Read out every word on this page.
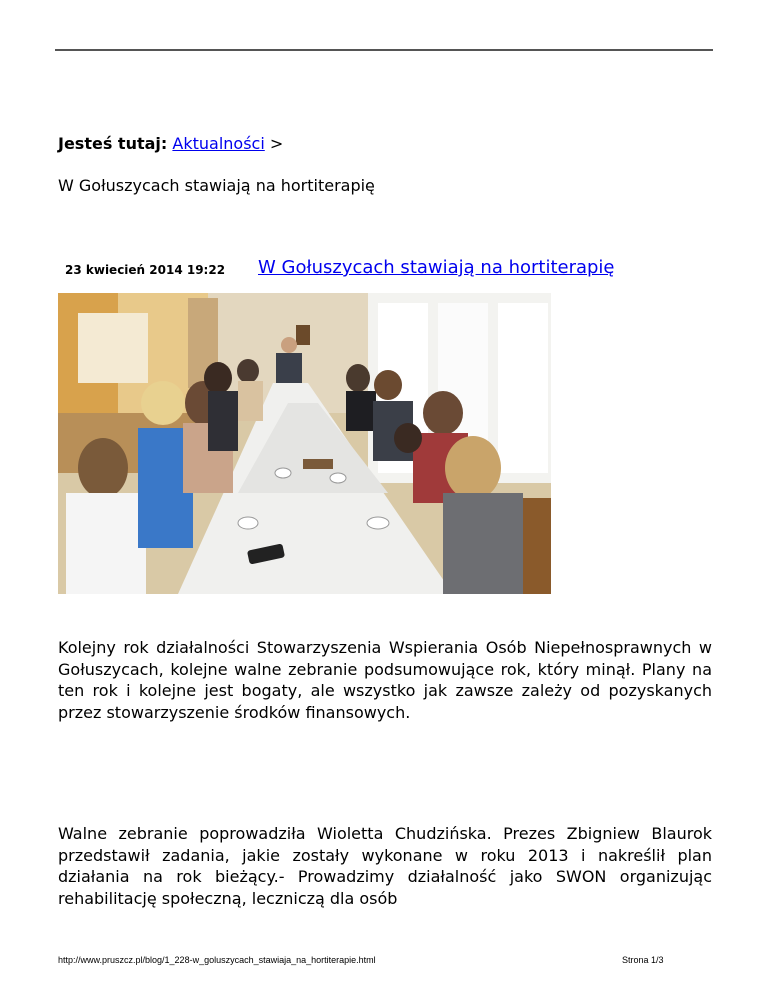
Jesteś tutaj: Aktualności >
W Gołuszycach stawiają na hortiterapię
23 kwiecień 2014 19:22 W Gołuszycach stawiają na hortiterapię
Kolejny rok działalności Stowarzyszenia Wspierania Osób Niepełnosprawnych w Gołuszycach, kolejne walne zebranie podsumowujące rok, który minął. Plany na ten rok i kolejne jest bogaty, ale wszystko jak zawsze zależy od pozyskanych przez stowarzyszenie środków finansowych.
Walne zebranie poprowadziła Wioletta Chudzińska. Prezes Zbigniew Blaurok przedstawił zadania, jakie zostały wykonane w roku 2013 i nakreślił plan działania na rok bieżący.- Prowadzimy działalność jako SWON organizując rehabilitację społeczną, leczniczą dla osób
http://www.pruszcz.pl/blog/1_228-w_goluszycach_stawiaja_na_hortiterapie.html	Strona 1/3
